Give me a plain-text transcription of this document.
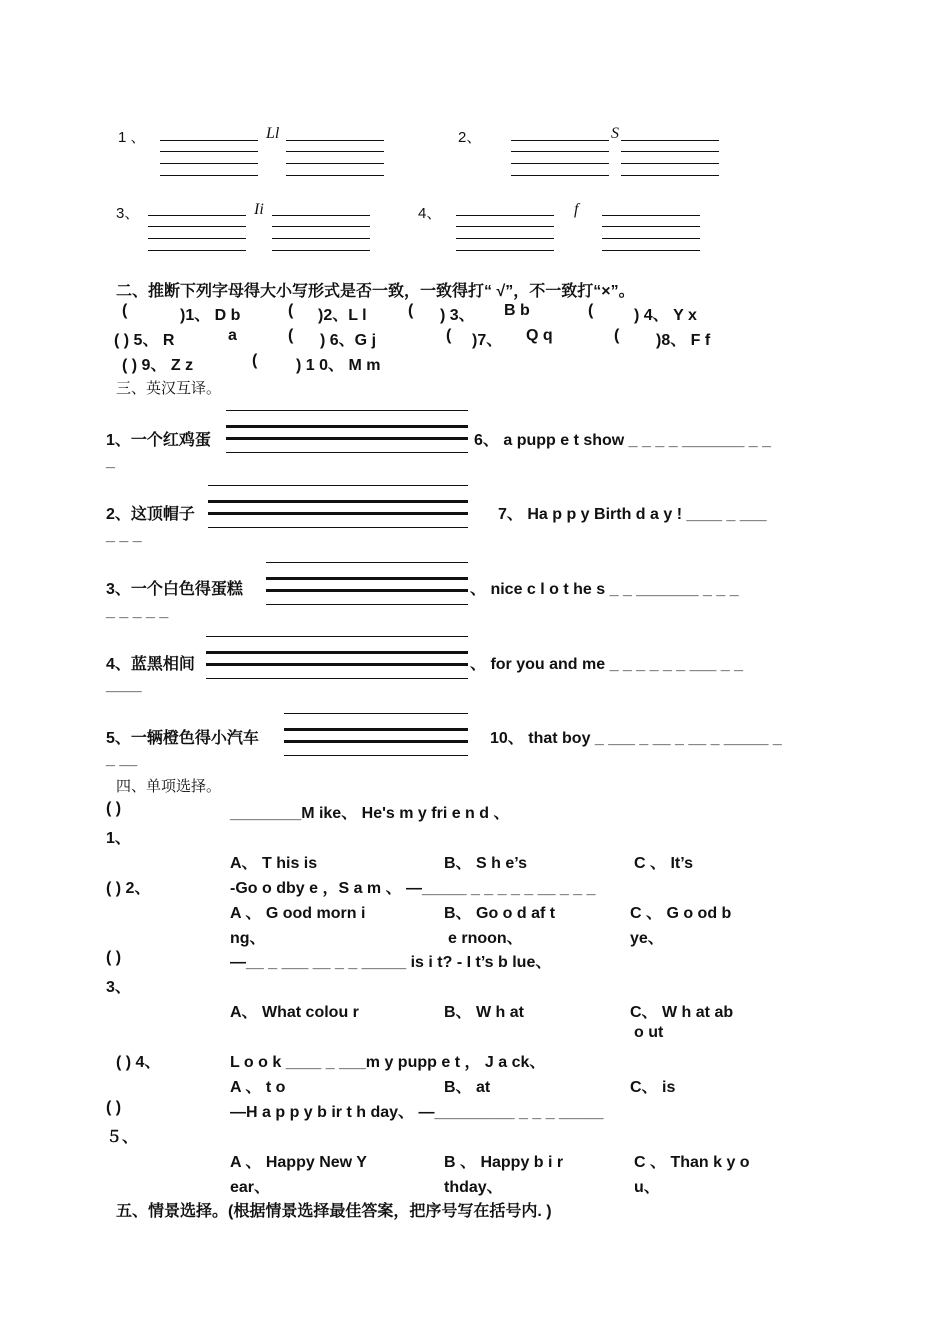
1 、	Ll	2、	S
3、	Ii	4、	f
二、推断下列字母得大小写形式是否一致，一致得打“ √”，不一致打“×”。
(	)1、 D b	( )2、L l	( ) 3、 B b	(	) 4、 Y x
( ) 5、 R	a	( ) 6、G j	( )7、 Q q	( )8、 F f
( ) 9、 Z z	( ) 1 0、 M m
三、英汉互译。
1、一个红鸡蛋	6、 a pupp e t show _ _ _ _ _______ _ _
_
2、这顶帽子	7、 Ha p p y Birth d a y ! ____ _ ___
_ _ _
3、一个白色得蛋糕	、 nice c l o t he s _ _ _______ _ _ _
_ _ _ _ _
4、蓝黑相间	、 for you and me _ _ _ _ _ _ ___ _ _
____
5、一辆橙色得小汽车	10、 that boy _ ___ _ __ _ __ _ _____ _
_ __
四、单项选择。
( )
1、
________M ike、 He's m y fri e n d 、
A、 T his is	B、 S h e’s	C 、 It’s
( ) 2、	-Go o dby e ，S a m 、 —_____ _ _ _ _ _ __ _ _ _
A 、 G ood morn i
ng、
B、 Go o d af t
e rnoon、
C 、 G o od b
ye、
( )
3、
—__ _ ___ __ _ _ _____ is i t? - I t’s b lue、
A、 What colou r	B、 W h at	C、 W h at ab
o ut
( ) 4、	L o o k ____ _ ___m y pupp e t ， J a ck、
A 、 t o	B、 at	C、 is
( )
５、
—H a p p y b ir t h day、 —_________ _ _ _ _____
A 、 Happy New Y
ear、
B 、 Happy b i r
thday、
C 、 Than k y o
u、
五、情景选择。(根据情景选择最佳答案，把序号写在括号内. )
